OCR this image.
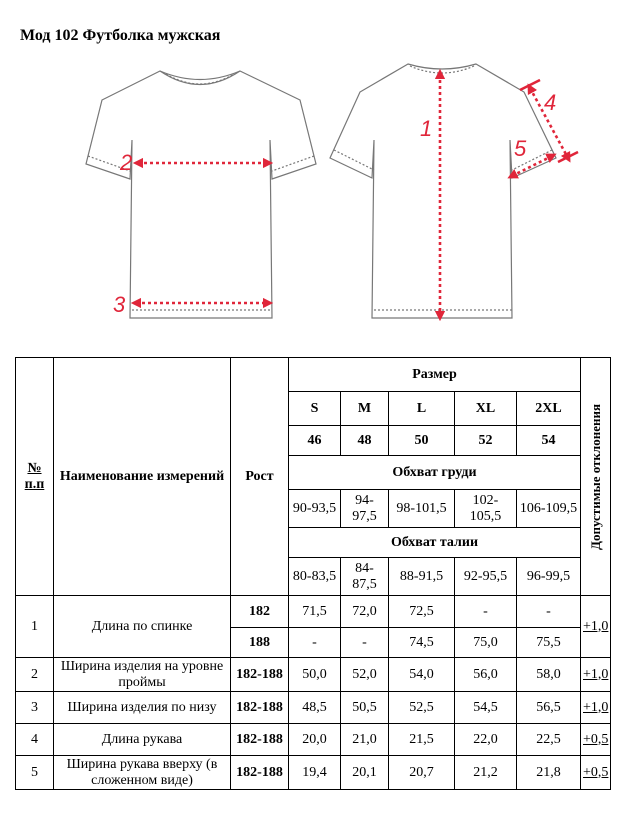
Мод 102 Футболка мужская
2
3
1
4
5
№ п.п	Наименование измерений	Рост	Размер					Допустимые отклонения

			S	M	L	XL	2XL	
			46	48	50	52	54	
			Обхват груди					
			90-93,5	94-97,5	98-101,5	102-105,5	106-109,5	
			Обхват талии					
			80-83,5	84-87,5	88-91,5	92-95,5	96-99,5	
1	Длина по спинке	182	71,5	72,0	72,5	-	-	+1,0
		188	-	-	74,5	75,0	75,5	
2	Ширина изделия на уровне проймы	182-188	50,0	52,0	54,0	56,0	58,0	+1,0
3	Ширина изделия по низу	182-188	48,5	50,5	52,5	54,5	56,5	+1,0
4	Длина рукава	182-188	20,0	21,0	21,5	22,0	22,5	+0,5
5	Ширина рукава вверху (в сложенном виде)	182-188	19,4	20,1	20,7	21,2	21,8	+0,5
